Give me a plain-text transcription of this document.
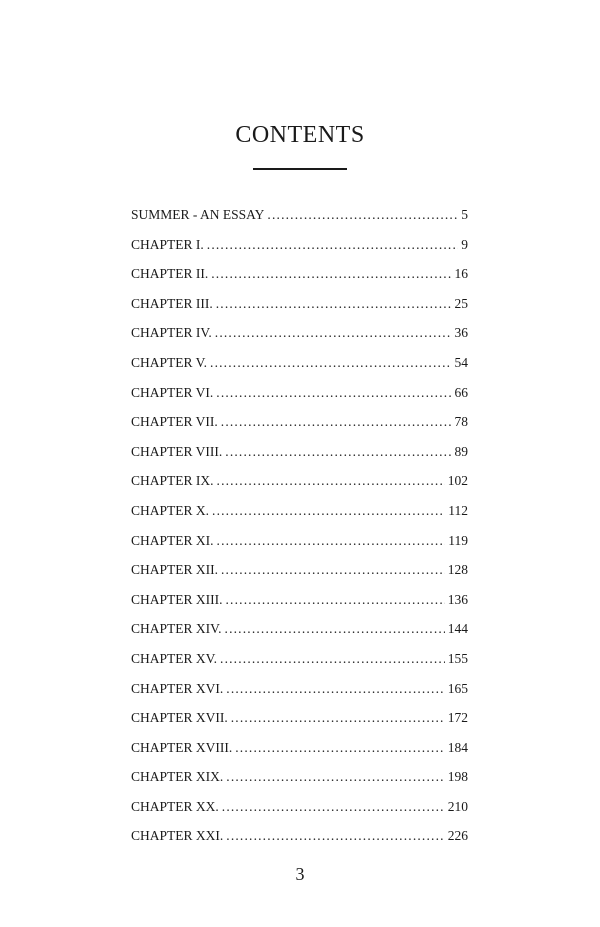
CONTENTS
SUMMER - AN ESSAY . . .	5
CHAPTER I. . . .	9
CHAPTER II. . . .	16
CHAPTER III. . . .	25
CHAPTER IV. . . .	36
CHAPTER V. . . .	54
CHAPTER VI. . . .	66
CHAPTER VII. . . .	78
CHAPTER VIII. . . .	89
CHAPTER IX. . . .	102
CHAPTER X. . . .	112
CHAPTER XI. . . .	119
CHAPTER XII. . . .	128
CHAPTER XIII. . . .	136
CHAPTER XIV. . . .	144
CHAPTER XV. . . .	155
CHAPTER XVI. . . .	165
CHAPTER XVII. . . .	172
CHAPTER XVIII. . . .	184
CHAPTER XIX. . . .	198
CHAPTER XX. . . .	210
CHAPTER XXI. . . .	226
3
